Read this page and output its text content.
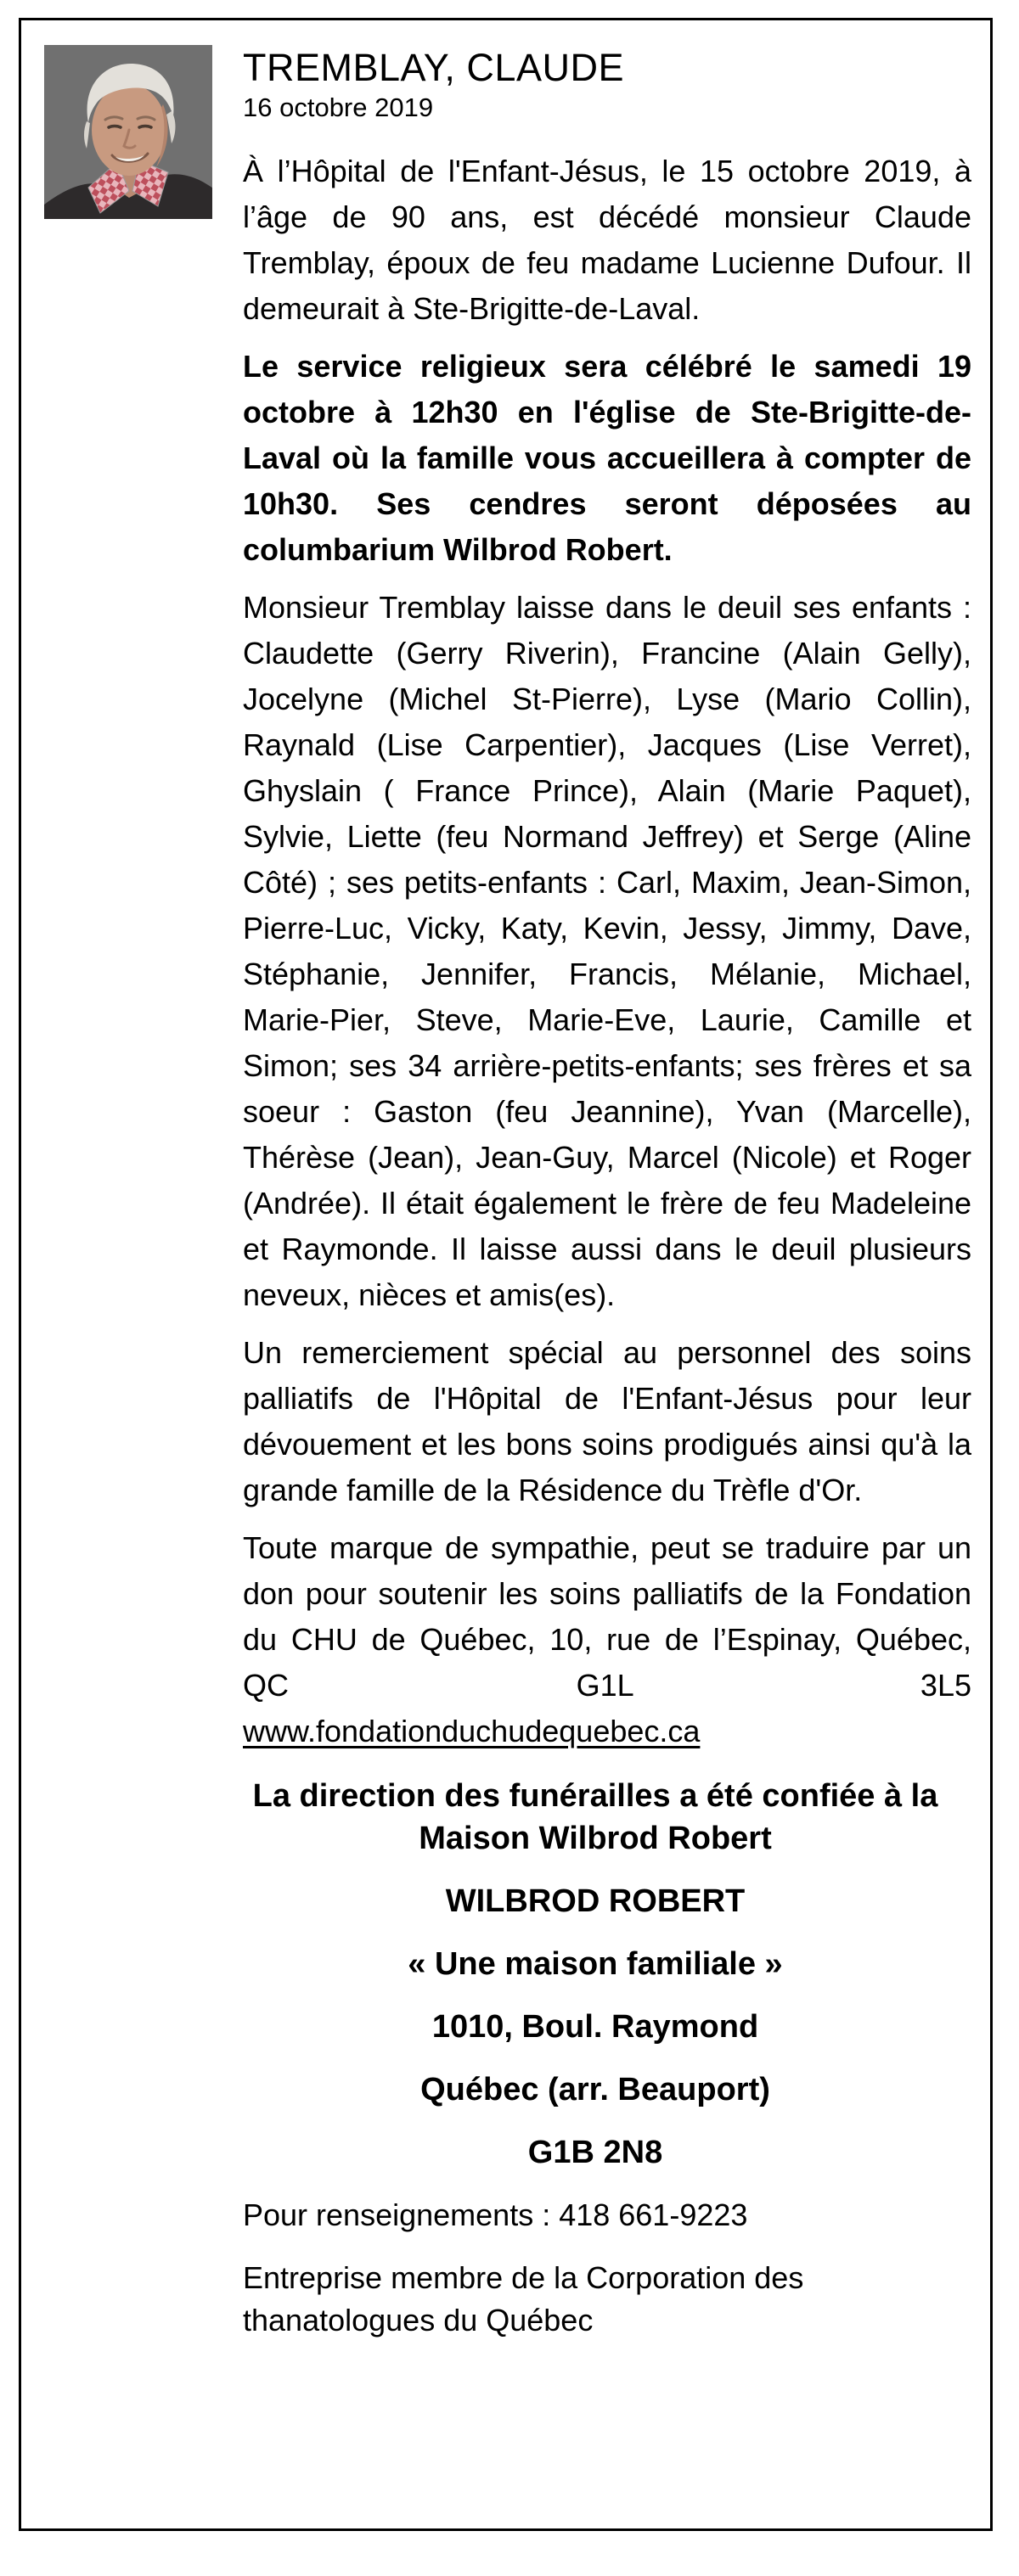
TREMBLAY, CLAUDE
16 octobre 2019
À l’Hôpital de l'Enfant-Jésus, le 15 octobre 2019, à l’âge de 90 ans, est décédé monsieur Claude Tremblay, époux de feu madame Lucienne Dufour. Il demeurait à Ste-Brigitte-de-Laval.
Le service religieux sera célébré le samedi 19 octobre à 12h30 en l'église de Ste-Brigitte-de-Laval où la famille vous accueillera à compter de 10h30. Ses cendres seront déposées au columbarium Wilbrod Robert.
Monsieur Tremblay laisse dans le deuil ses enfants : Claudette (Gerry Riverin), Francine (Alain Gelly), Jocelyne (Michel St-Pierre), Lyse (Mario Collin), Raynald (Lise Carpentier), Jacques (Lise Verret), Ghyslain ( France Prince), Alain (Marie Paquet), Sylvie, Liette (feu Normand Jeffrey) et Serge (Aline Côté) ; ses petits-enfants : Carl, Maxim, Jean-Simon, Pierre-Luc, Vicky, Katy, Kevin, Jessy, Jimmy, Dave, Stéphanie, Jennifer, Francis, Mélanie, Michael, Marie-Pier, Steve, Marie-Eve, Laurie, Camille et Simon; ses 34 arrière-petits-enfants; ses frères et sa soeur : Gaston (feu Jeannine), Yvan (Marcelle), Thérèse (Jean), Jean-Guy, Marcel (Nicole) et Roger (Andrée). Il était également le frère de feu Madeleine et Raymonde. Il laisse aussi dans le deuil plusieurs neveux, nièces et amis(es).
Un remerciement spécial au personnel des soins palliatifs de l'Hôpital de l'Enfant-Jésus pour leur dévouement et les bons soins prodigués ainsi qu'à la grande famille de la Résidence du Trèfle d'Or.
Toute marque de sympathie, peut se traduire par un don pour soutenir les soins palliatifs de la Fondation du CHU de Québec, 10, rue de l’Espinay, Québec, QC G1L 3L5
www.fondationduchudequebec.ca
La direction des funérailles a été confiée à la
Maison Wilbrod Robert
WILBROD ROBERT
« Une maison familiale »
1010, Boul. Raymond
Québec (arr. Beauport)
G1B 2N8
Pour renseignements : 418 661-9223
Entreprise membre de la Corporation des thanatologues du Québec
